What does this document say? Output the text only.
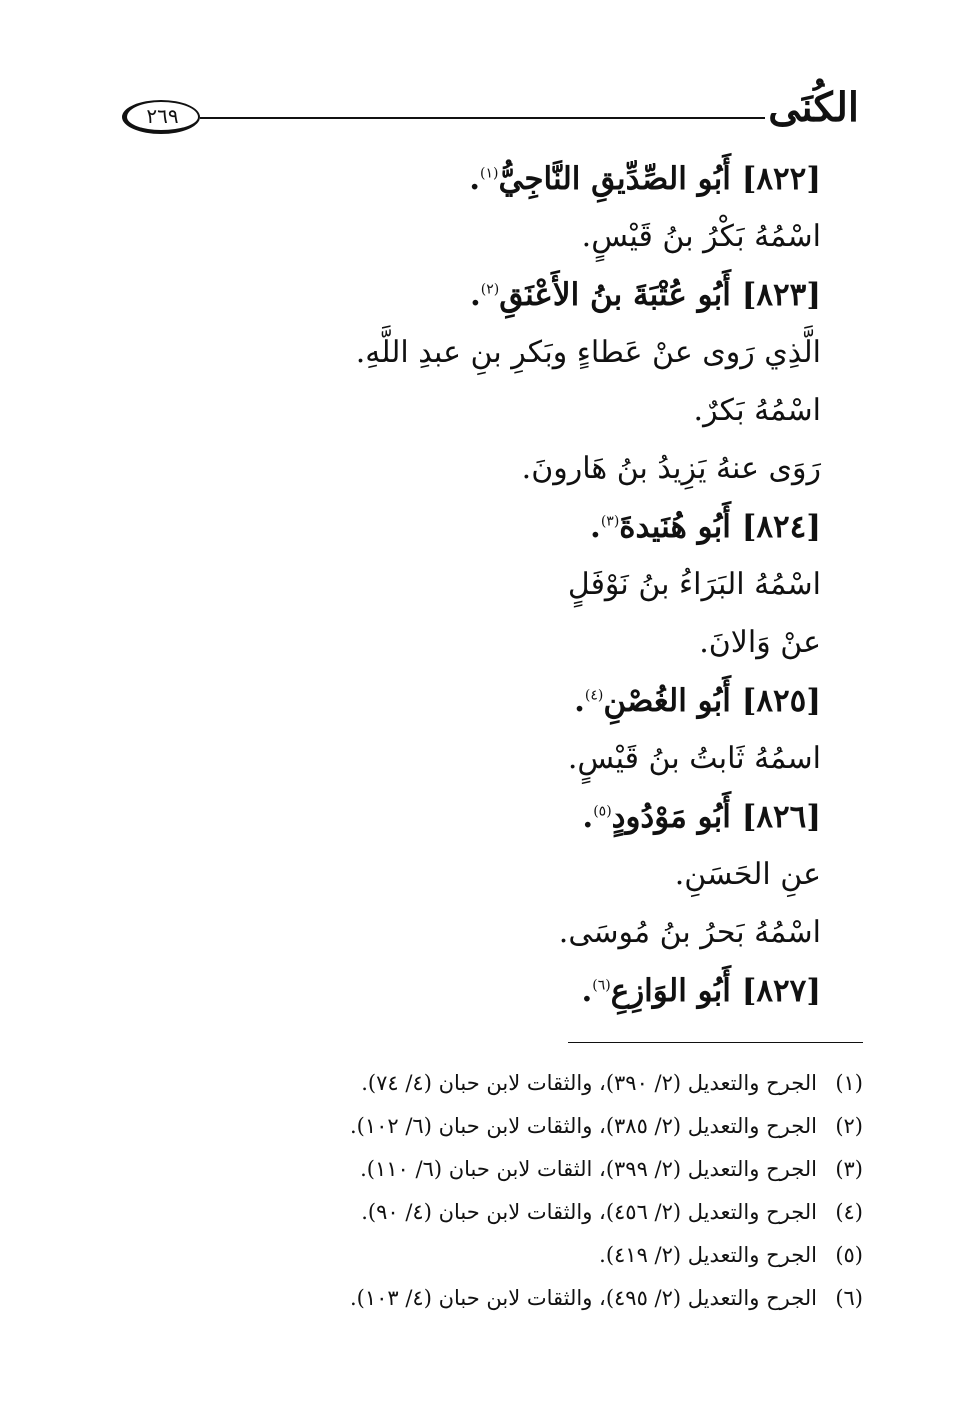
الكُنَى
٢٦٩
[٨٢٢] أَبُو الصِّدِّيقِ النَّاجِيُّ$^{(١)}$.
اسْمُهُ بَكْرُ بنُ قَيْسٍ.
[٨٢٣] أَبُو عُتْبَةَ بنُ الأَعْنَقِ$^{(٢)}$.
الَّذِي رَوى عنْ عَطاءٍ وبَكرِ بنِ عبدِ اللَّهِ.
اسْمُهُ بَكرٌ.
رَوَى عنهُ يَزِيدُ بنُ هَارونَ.
[٨٢٤] أَبُو هُنَيدةَ$^{(٣)}$.
اسْمُهُ البَرَاءُ بنُ نَوْفَلٍ
عنْ وَالانَ.
[٨٢٥] أَبُو الغُصْنِ$^{(٤)}$.
اسمُهُ ثَابتُ بنُ قَيْسٍ.
[٨٢٦] أَبُو مَوْدُودٍ$^{(٥)}$.
عنِ الحَسَنِ.
اسْمُهُ بَحرُ بنُ مُوسَى.
[٨٢٧] أَبُو الوَازِعِ$^{(٦)}$.
(١)الجرح والتعديل (٢/ ٣٩٠)، والثقات لابن حبان (٤/ ٧٤).
(٢)الجرح والتعديل (٢/ ٣٨٥)، والثقات لابن حبان (٦/ ١٠٢).
(٣)الجرح والتعديل (٢/ ٣٩٩)، الثقات لابن حبان (٦/ ١١٠).
(٤)الجرح والتعديل (٢/ ٤٥٦)، والثقات لابن حبان (٤/ ٩٠).
(٥)الجرح والتعديل (٢/ ٤١٩).
(٦)الجرح والتعديل (٢/ ٤٩٥)، والثقات لابن حبان (٤/ ١٠٣).
